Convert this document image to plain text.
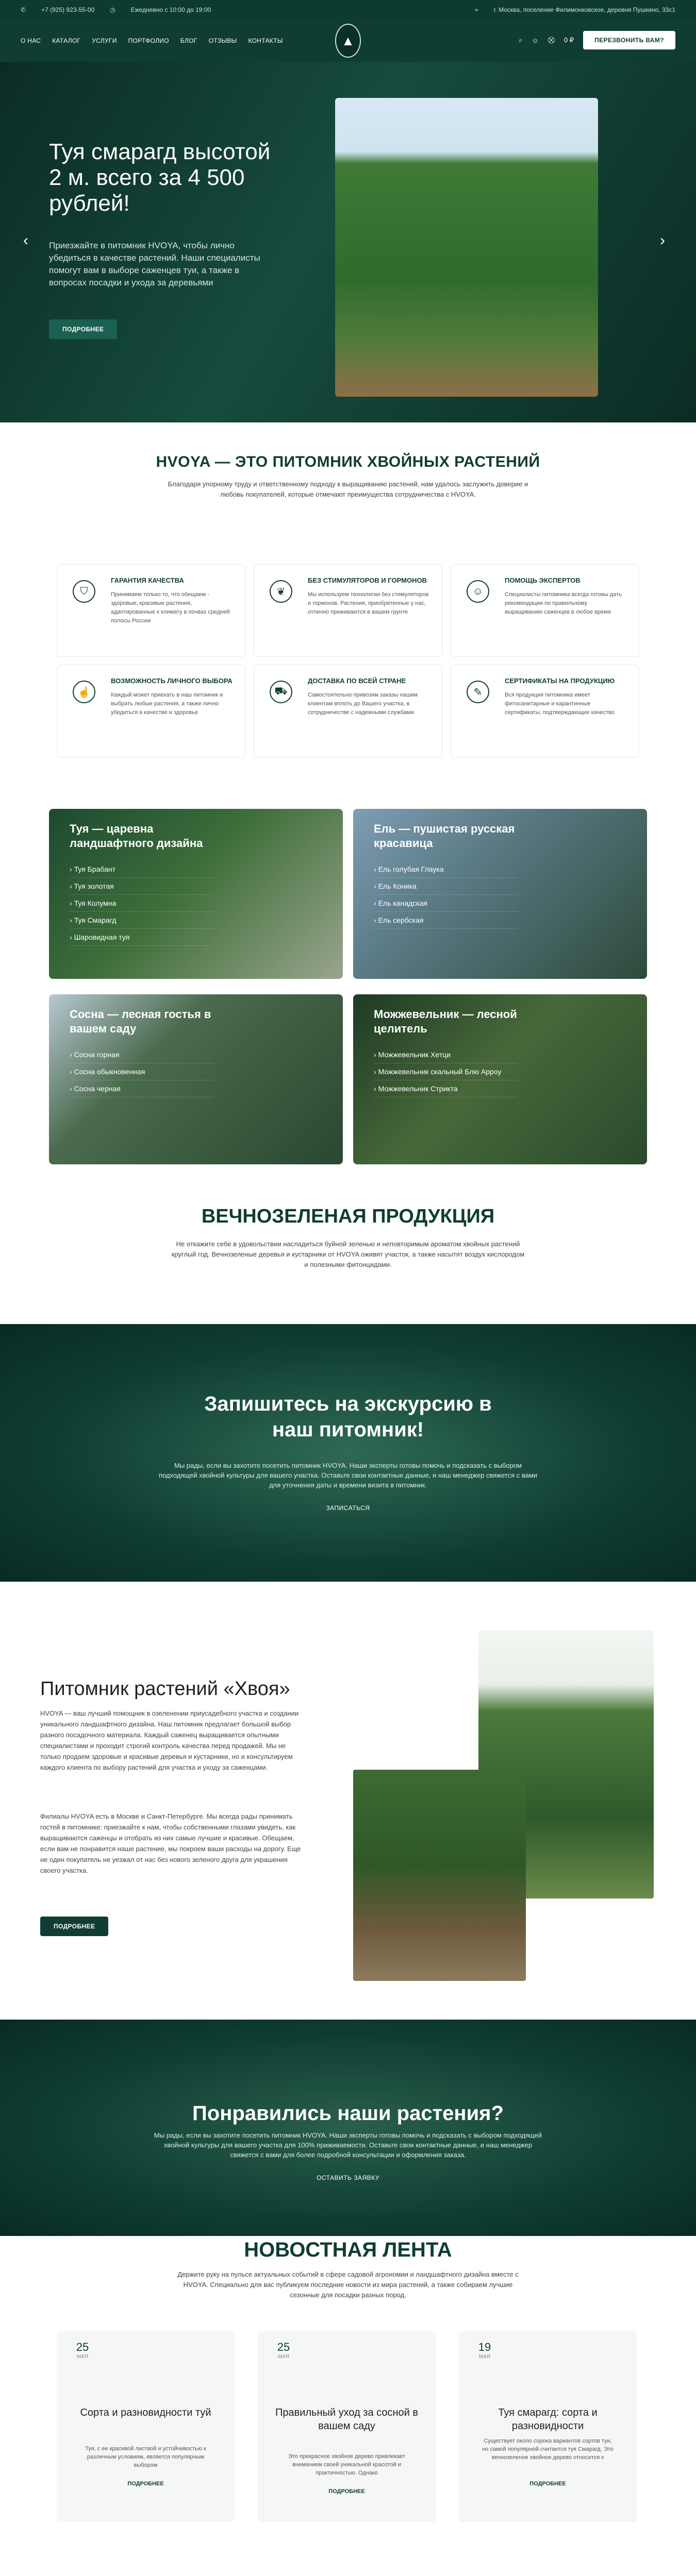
✆	+7 (925) 923-55-00	◷	Ежедневно с 10:00 до 19:00	⌖	г. Москва, поселение Филимонковское, деревня Пушкино, 33с1
О НАС КАТАЛОГ УСЛУГИ ПОРТФОЛИО БЛОГ ОТЗЫВЫ КОНТАКТЫ	▲	⌕ ☺ ⛒ 0 ₽	ПЕРЕЗВОНИТЬ ВАМ?
‹	›
Туя смарагд высотой 2 м. всего за 4 500 рублей!

Приезжайте в питомник HVOYA, чтобы лично убедиться в качестве растений. Наши специалисты помогут вам в выборе саженцев туи, а также в вопросах посадки и ухода за деревьями

ПОДРОБНЕЕ
HVOYA — ЭТО ПИТОМНИК ХВОЙНЫХ РАСТЕНИЙ
Благодаря упорному труду и ответственному подходу к выращиванию растений, нам удалось заслужить доверие и любовь покупателей, которые отмечают преимущества сотрудничества с HVOYA.
⛉
ГАРАНТИЯ КАЧЕСТВА

Принимаем только то, что обещаем - здоровые, красивые растения, адаптированные к климату в почвах средней полосы России

❦
БЕЗ СТИМУЛЯТОРОВ И ГОРМОНОВ

Мы используем технологии без стимуляторов и гормонов. Растения, приобретенные у нас, отлично приживаются в вашем грунте

☺
ПОМОЩЬ ЭКСПЕРТОВ

Специалисты питомника всегда готовы дать рекомендации по правильному выращиванию саженцев в любое время

☝
ВОЗМОЖНОСТЬ ЛИЧНОГО ВЫБОРА

Каждый может приехать в наш питомник и выбрать любые растения, а также лично убедиться в качестве и здоровье

⛟
ДОСТАВКА ПО ВСЕЙ СТРАНЕ

Самостоятельно привозим заказы нашим клиентам вплоть до Вашего участка, в сотрудничестве с надежными службами

✎
СЕРТИФИКАТЫ НА ПРОДУКЦИЮ

Вся продукция питомника имеет фитосанитарные и карантинные сертификаты, подтверждающие качество

Туя — царевна ландшафтного дизайна
› Туя Брабант
› Туя золотая
› Туя Колумна
› Туя Смарагд
› Шаровидная туя
Ель — пушистая русская красавица
› Ель голубая Глаука
› Ель Коника
› Ель канадская
› Ель сербская
Сосна — лесная гостья в вашем саду
› Сосна горная
› Сосна обыкновенная
› Сосна черная
Можжевельник — лесной целитель
› Можжевельник Хетци
› Можжевельник скальный Блю Арроу
› Можжевельник Стрикта
ВЕЧНОЗЕЛЕНАЯ ПРОДУКЦИЯ
Не откажите себе в удовольствии насладиться буйной зеленью и неповторимым ароматом хвойных растений круглый год. Вечнозеленые деревья и кустарники от HVOYA оживят участок, а также насытят воздух кислородом и полезными фитонцидами.
Запишитесь на экскурсию в наш питомник!

Мы рады, если вы захотите посетить питомник HVOYA. Наши эксперты готовы помочь и подсказать с выбором подходящей хвойной культуры для вашего участка. Оставьте свои контактные данные, и наш менеджер свяжется с вами для уточнения даты и времени визита в питомник.

ЗАПИСАТЬСЯ
Питомник растений «Хвоя»
HVOYA — ваш лучший помощник в озеленении приусадебного участка и создании уникального ландшафтного дизайна. Наш питомник предлагает большой выбор разного посадочного материала. Каждый саженец выращивается опытными специалистами и проходит строгий контроль качества перед продажей. Мы не только продаем здоровые и красивые деревья и кустарники, но и консультируем каждого клиента по выбору растений для участка и уходу за саженцами.
Филиалы HVOYA есть в Москве и Санкт-Петербурге. Мы всегда рады принимать гостей в питомнике: приезжайте к нам, чтобы собственными глазами увидеть, как выращиваются саженцы и отобрать из них самые лучшие и красивые. Обещаем, если вам не понравится наше растение, мы покроем ваши расходы на дорогу. Еще не один покупатель не уезжал от нас без нового зеленого друга для украшения своего участка.
ПОДРОБНЕЕ
Понравились наши растения?

Мы рады, если вы захотите посетить питомник HVOYA. Наши эксперты готовы помочь и подсказать с выбором подходящей хвойной культуры для вашего участка для 100% приживаемости. Оставьте свои контактные данные, и наш менеджер свяжется с вами для более подробной консультации и оформления заказа.

ОСТАВИТЬ ЗАЯВКУ
НОВОСТНАЯ ЛЕНТА
Держите руку на пульсе актуальных событий в сфере садовой агрономии и ландшафтного дизайна вместе с HVOYA. Специально для вас публикуем последние новости из мира растений, а также собираем лучшие сезонные для посадки разных пород.
25
МАЯ
Сорта и разновидности туй

Туя, с ее красивой листвой и устойчивостью к различным условиям, является популярным выбором

ПОДРОБНЕЕ
25
МАЯ
Правильный уход за сосной в вашем саду

Это прекрасное хвойное дерево привлекает вниманием своей уникальной красотой и практичностью. Однако

ПОДРОБНЕЕ
19
МАЯ
Туя смарагд: сорта и разновидности

Существует около сорока вариантов сортов туи, но самой популярной считается туя Смарагд. Это вечнозеленое хвойное дерево относится к

ПОДРОБНЕЕ
